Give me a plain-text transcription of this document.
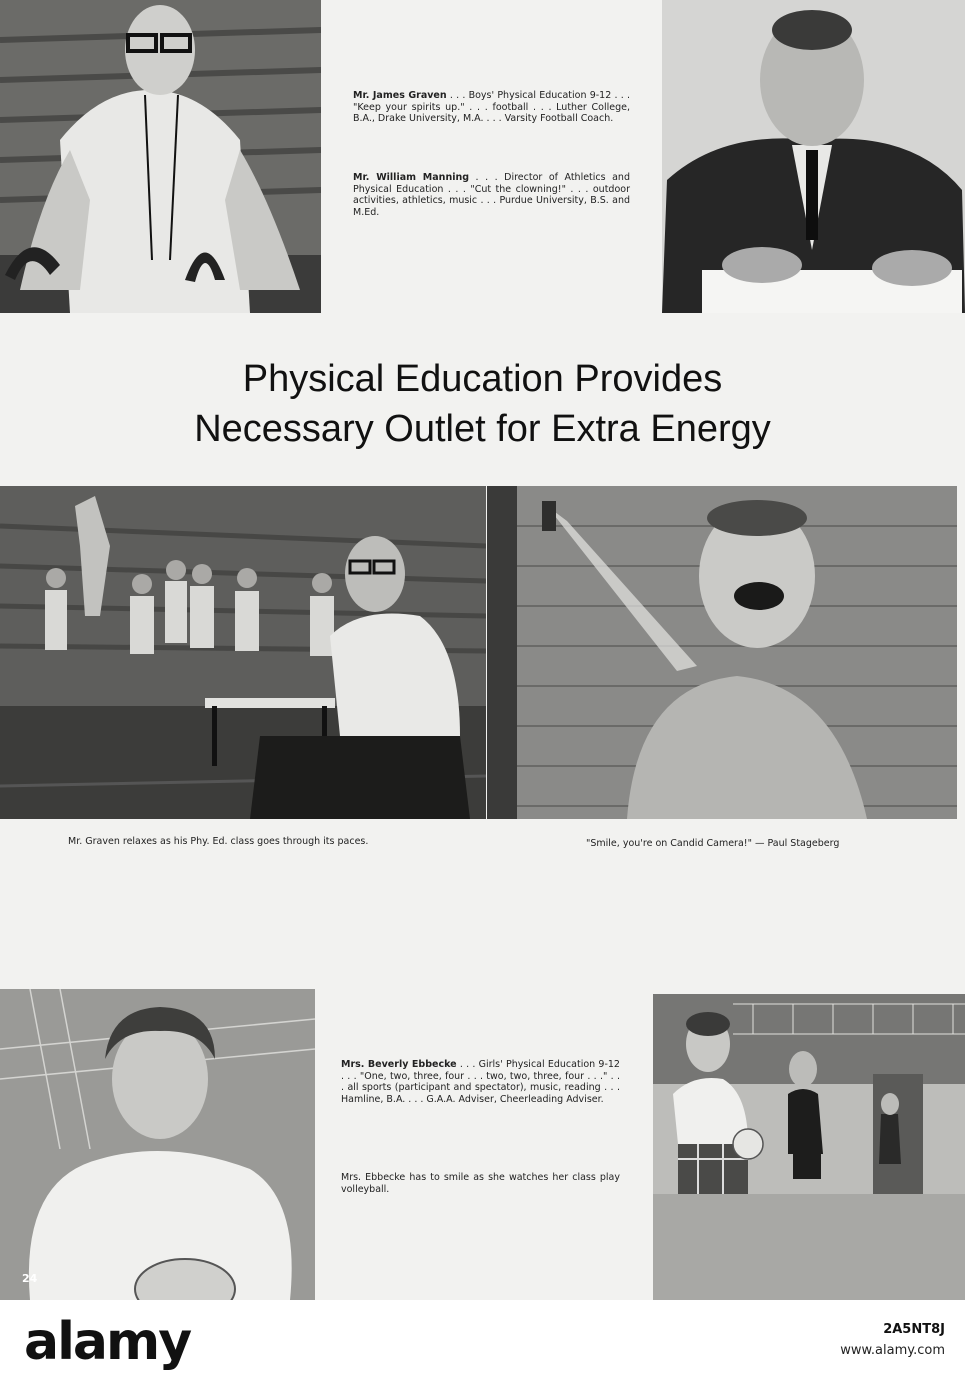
Mr. James Graven . . . Boys' Physical Education 9-12 . . . "Keep your spirits up." . . . football . . . Luther College, B.A., Drake University, M.A. . . . Varsity Football Coach.
Mr. William Manning . . . Director of Athletics and Physical Education . . . "Cut the clowning!" . . . outdoor activities, athletics, music . . . Purdue University, B.S. and M.Ed.
Physical Education Provides
Necessary Outlet for Extra Energy
Mr. Graven relaxes as his Phy. Ed. class goes through its paces.	"Smile, you're on Candid Camera!" — Paul Stageberg
24
Mrs. Beverly Ebbecke . . . Girls' Physical Education 9-12 . . . "One, two, three, four . . . two, two, three, four . . ." . . . all sports (participant and spectator), music, reading . . . Hamline, B.A. . . . G.A.A. Adviser, Cheerleading Adviser.
Mrs. Ebbecke has to smile as she watches her class play volleyball.
alamy	2A5NT8J
www.alamy.com
